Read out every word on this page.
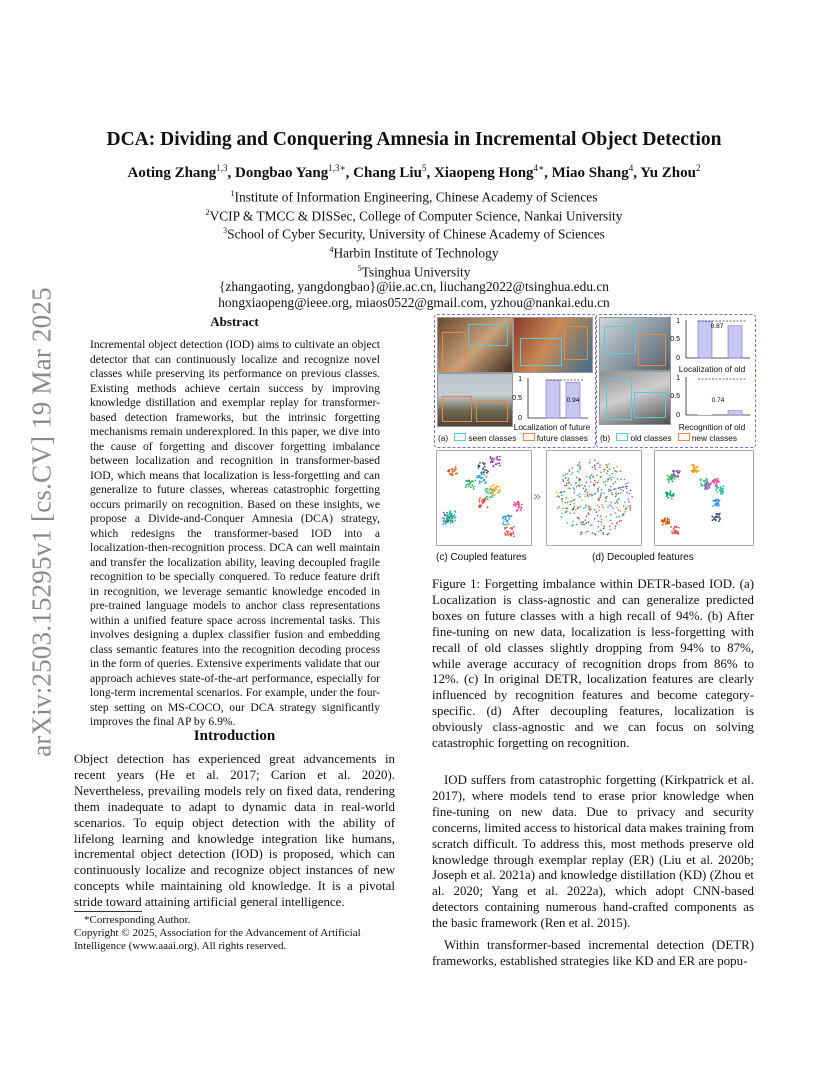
arXiv:2503.15295v1 [cs.CV] 19 Mar 2025
DCA: Dividing and Conquering Amnesia in Incremental Object Detection
Aoting Zhang$^{1,3}$, Dongbao Yang$^{1,3∗}$, Chang Liu$^5$, Xiaopeng Hong$^{4∗}$, Miao Shang$^4$, Yu Zhou$^2$
$^1$Institute of Information Engineering, Chinese Academy of Sciences
$^2$VCIP & TMCC & DISSec, College of Computer Science, Nankai University
$^3$School of Cyber Security, University of Chinese Academy of Sciences
$^4$Harbin Institute of Technology
$^5$Tsinghua University
{zhangaoting, yangdongbao}@iie.ac.cn, liuchang2022@tsinghua.edu.cn
hongxiaopeng@ieee.org, miaos0522@gmail.com, yzhou@nankai.edu.cn
Abstract
Incremental object detection (IOD) aims to cultivate an object detector that can continuously localize and recognize novel classes while preserving its performance on previous classes. Existing methods achieve certain success by improving knowledge distillation and exemplar replay for transformer-based detection frameworks, but the intrinsic forgetting mechanisms remain underexplored. In this paper, we dive into the cause of forgetting and discover forgetting imbalance between localization and recognition in transformer-based IOD, which means that localization is less-forgetting and can generalize to future classes, whereas catastrophic forgetting occurs primarily on recognition. Based on these insights, we propose a Divide-and-Conquer Amnesia (DCA) strategy, which redesigns the transformer-based IOD into a localization-then-recognition process. DCA can well maintain and transfer the localization ability, leaving decoupled fragile recognition to be specially conquered. To reduce feature drift in recognition, we leverage semantic knowledge encoded in pre-trained language models to anchor class representations within a unified feature space across incremental tasks. This involves designing a duplex classifier fusion and embedding class semantic features into the recognition decoding process in the form of queries. Extensive experiments validate that our approach achieves state-of-the-art performance, especially for long-term incremental scenarios. For example, under the four-step setting on MS-COCO, our DCA strategy significantly improves the final AP by 6.9%.
Introduction
Object detection has experienced great advancements in recent years (He et al. 2017; Carion et al. 2020). Nevertheless, prevailing models rely on fixed data, rendering them inadequate to adapt to dynamic data in real-world scenarios. To equip object detection with the ability of lifelong learning and knowledge integration like humans, incremental object detection (IOD) is proposed, which can continuously localize and recognize object instances of new concepts while maintaining old knowledge. It is a pivotal stride toward attaining artificial general intelligence.
*Corresponding Author.
Copyright © 2025, Association for the Advancement of Artificial Intelligence (www.aaai.org). All rights reserved.
1
0.5
0
0.94
Localization of future
(a) seen classes future classes
1
0.5
0
0.87
Localization of old
1
0.5
0
0.74
Recognition of old
(b) old classes new classes
»
(c) Coupled features	(d) Decoupled features
Figure 1: Forgetting imbalance within DETR-based IOD. (a) Localization is class-agnostic and can generalize predicted boxes on future classes with a high recall of 94%. (b) After fine-tuning on new data, localization is less-forgetting with recall of old classes slightly dropping from 94% to 87%, while average accuracy of recognition drops from 86% to 12%. (c) In original DETR, localization features are clearly influenced by recognition features and become category-specific. (d) After decoupling features, localization is obviously class-agnostic and we can focus on solving catastrophic forgetting on recognition.

IOD suffers from catastrophic forgetting (Kirkpatrick et al. 2017), where models tend to erase prior knowledge when fine-tuning on new data. Due to privacy and security concerns, limited access to historical data makes training from scratch difficult. To address this, most methods preserve old knowledge through exemplar replay (ER) (Liu et al. 2020b; Joseph et al. 2021a) and knowledge distillation (KD) (Zhou et al. 2020; Yang et al. 2022a), which adopt CNN-based detectors containing numerous hand-crafted components as the basic framework (Ren et al. 2015).

Within transformer-based incremental detection (DETR) frameworks, established strategies like KD and ER are popu-
